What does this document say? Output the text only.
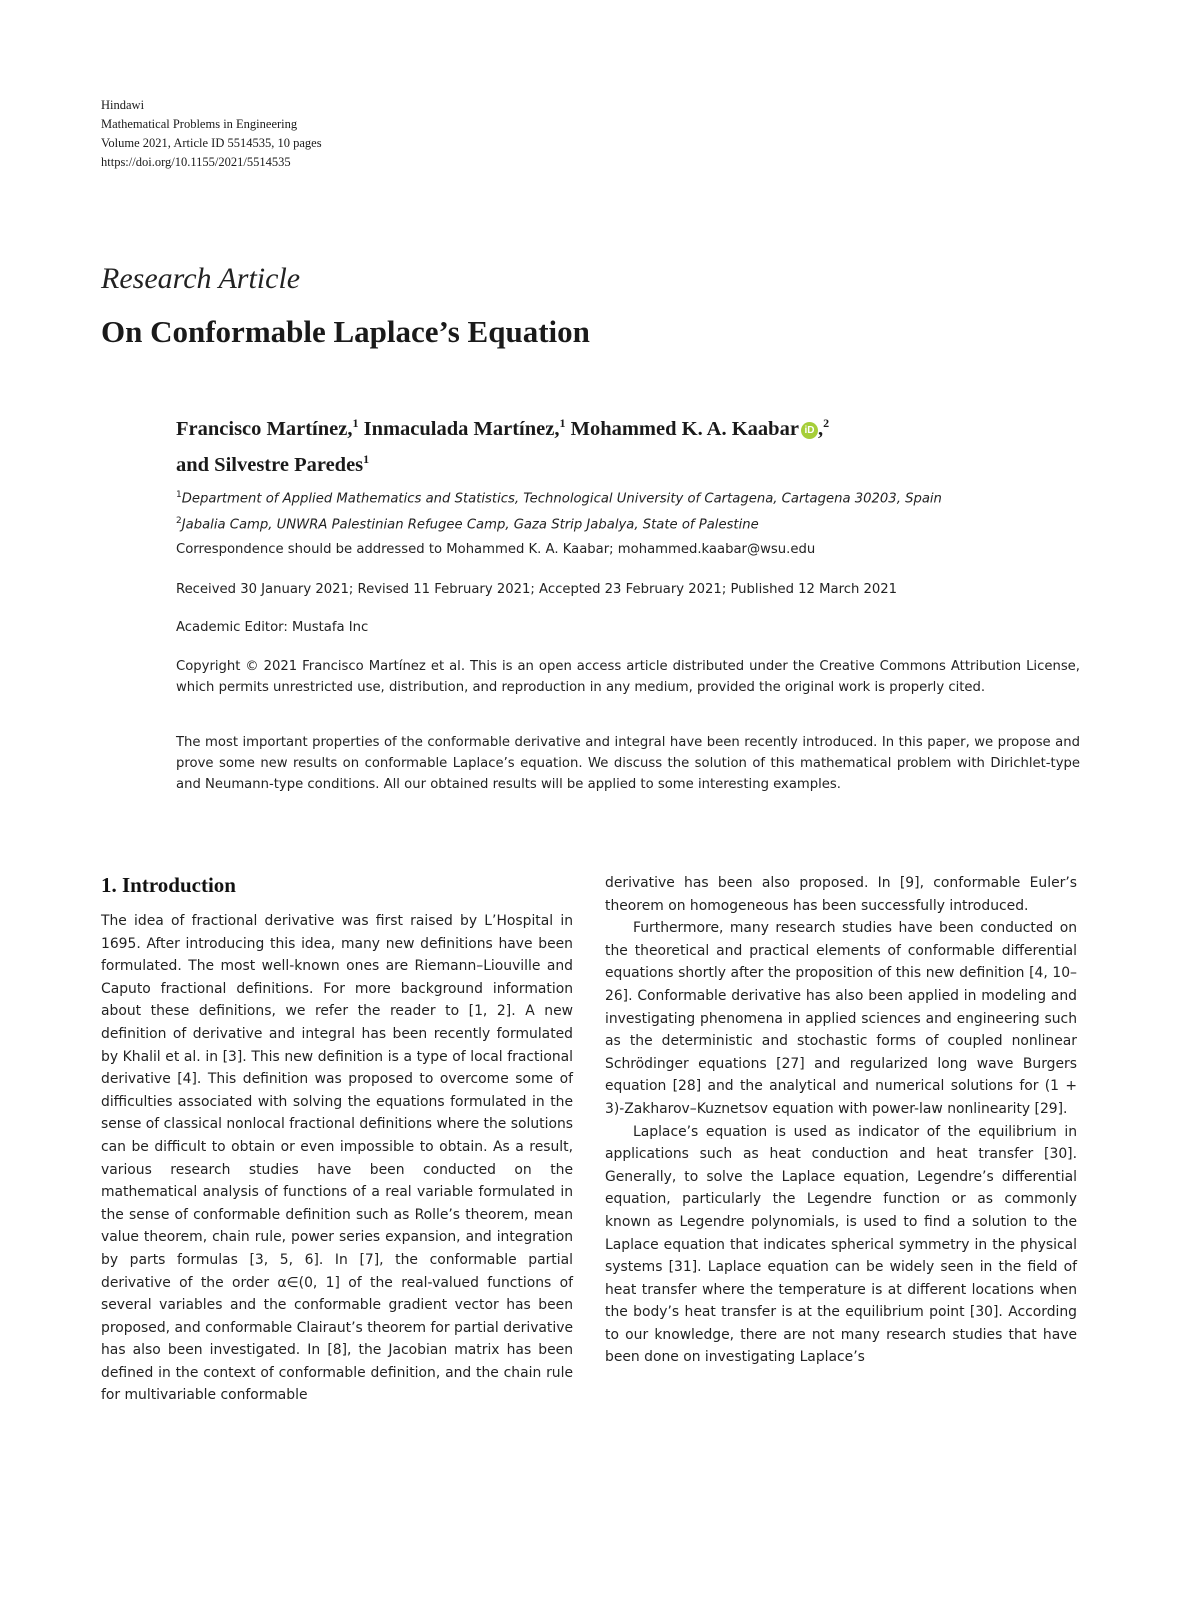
Hindawi
Mathematical Problems in Engineering
Volume 2021, Article ID 5514535, 10 pages
https://doi.org/10.1155/2021/5514535
Research Article
On Conformable Laplace’s Equation
Francisco Martínez,$^1$ Inmaculada Martínez,$^1$ Mohammed K. A. Kaabar iD ,$^2$
and Silvestre Paredes$^1$
$^1$Department of Applied Mathematics and Statistics, Technological University of Cartagena, Cartagena 30203, Spain
$^2$Jabalia Camp, UNWRA Palestinian Refugee Camp, Gaza Strip Jabalya, State of Palestine
Correspondence should be addressed to Mohammed K. A. Kaabar; mohammed.kaabar@wsu.edu
Received 30 January 2021; Revised 11 February 2021; Accepted 23 February 2021; Published 12 March 2021
Academic Editor: Mustafa Inc
Copyright © 2021 Francisco Martínez et al. This is an open access article distributed under the Creative Commons Attribution License, which permits unrestricted use, distribution, and reproduction in any medium, provided the original work is properly cited.
The most important properties of the conformable derivative and integral have been recently introduced. In this paper, we propose and prove some new results on conformable Laplace’s equation. We discuss the solution of this mathematical problem with Dirichlet-type and Neumann-type conditions. All our obtained results will be applied to some interesting examples.
1. Introduction

The idea of fractional derivative was first raised by L’Hospital in 1695. After introducing this idea, many new definitions have been formulated. The most well-known ones are Riemann–Liouville and Caputo fractional definitions. For more background information about these definitions, we refer the reader to [1, 2]. A new definition of derivative and integral has been recently formulated by Khalil et al. in [3]. This new definition is a type of local fractional derivative [4]. This definition was proposed to overcome some of difficulties associated with solving the equations formulated in the sense of classical nonlocal fractional definitions where the solutions can be difficult to obtain or even impossible to obtain. As a result, various research studies have been conducted on the mathematical analysis of functions of a real variable formulated in the sense of conformable definition such as Rolle’s theorem, mean value theorem, chain rule, power series expansion, and integration by parts formulas [3, 5, 6]. In [7], the conformable partial derivative of the order α∈(0, 1] of the real-valued functions of several variables and the conformable gradient vector has been proposed, and conformable Clairaut’s theorem for partial derivative has also been investigated. In [8], the Jacobian matrix has been defined in the context of conformable definition, and the chain rule for multivariable conformable

derivative has been also proposed. In [9], conformable Euler’s theorem on homogeneous has been successfully introduced.

Furthermore, many research studies have been conducted on the theoretical and practical elements of conformable differential equations shortly after the proposition of this new definition [4, 10–26]. Conformable derivative has also been applied in modeling and investigating phenomena in applied sciences and engineering such as the deterministic and stochastic forms of coupled nonlinear Schrödinger equations [27] and regularized long wave Burgers equation [28] and the analytical and numerical solutions for (1 + 3)-Zakharov–Kuznetsov equation with power-law nonlinearity [29].

Laplace’s equation is used as indicator of the equilibrium in applications such as heat conduction and heat transfer [30]. Generally, to solve the Laplace equation, Legendre’s differential equation, particularly the Legendre function or as commonly known as Legendre polynomials, is used to find a solution to the Laplace equation that indicates spherical symmetry in the physical systems [31]. Laplace equation can be widely seen in the field of heat transfer where the temperature is at different locations when the body’s heat transfer is at the equilibrium point [30]. According to our knowledge, there are not many research studies that have been done on investigating Laplace’s
